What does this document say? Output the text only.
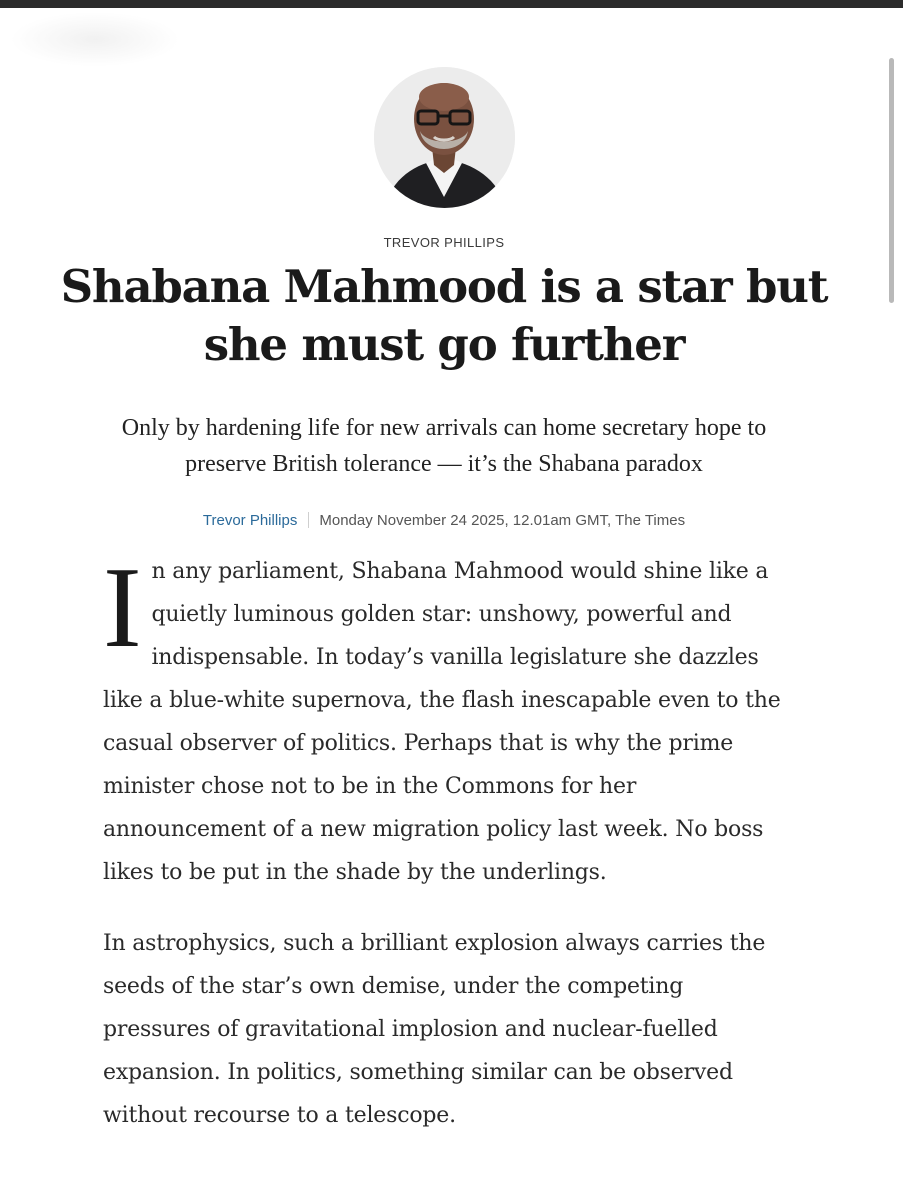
TREVOR PHILLIPS
Shabana Mahmood is a star but she must go further

Only by hardening life for new arrivals can home secretary hope to preserve British tolerance — it’s the Shabana paradox

Trevor Phillips Monday November 24 2025, 12.01am GMT, The Times

In any parliament, Shabana Mahmood would shine like a quietly luminous golden star: unshowy, powerful and indispensable. In today’s vanilla legislature she dazzles like a blue-white supernova, the flash inescapable even to the casual observer of politics. Perhaps that is why the prime minister chose not to be in the Commons for her announcement of a new migration policy last week. No boss likes to be put in the shade by the underlings.

In astrophysics, such a brilliant explosion always carries the seeds of the star’s own demise, under the competing pressures of gravitational implosion and nuclear-fuelled expansion. In politics, something similar can be observed without recourse to a telescope.
